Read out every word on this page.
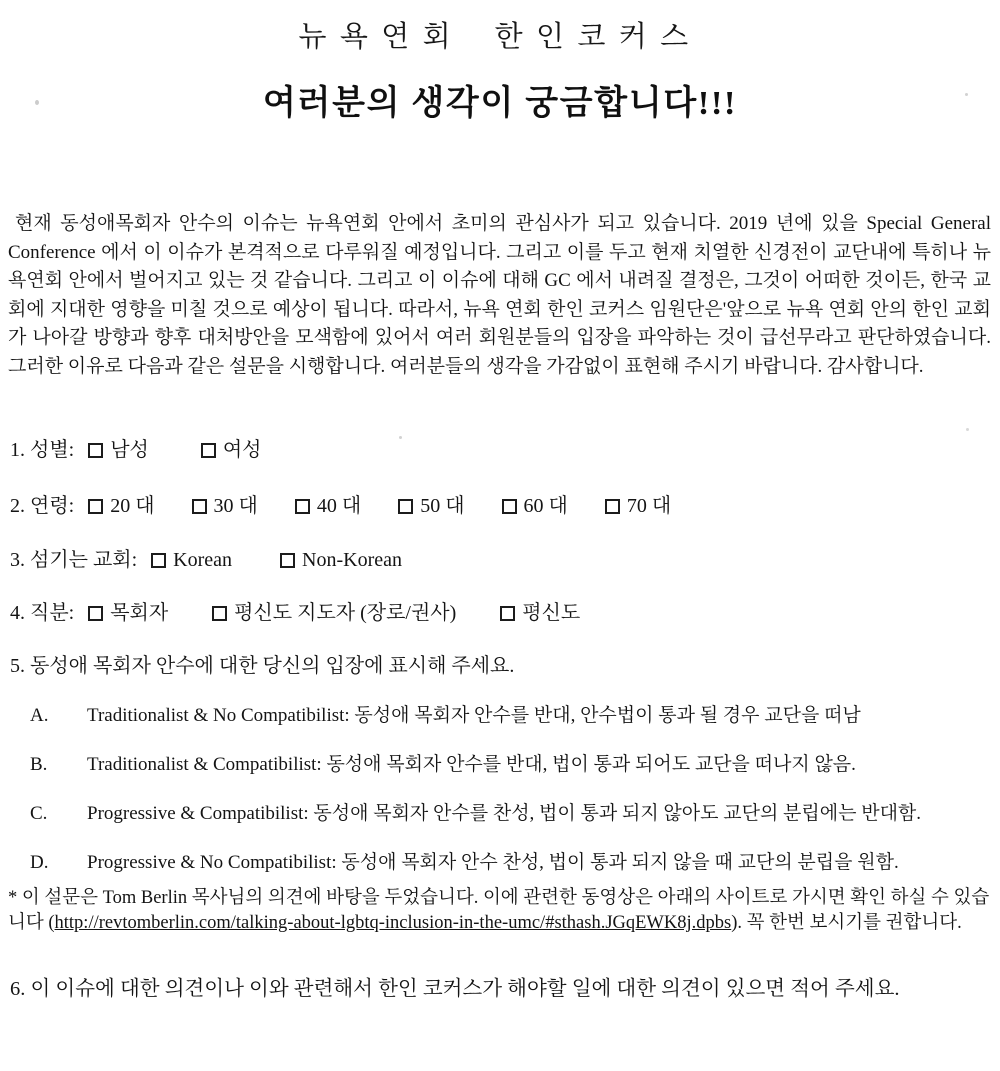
뉴욕연회 한인코커스
여러분의 생각이 궁금합니다!!!

현재 동성애목회자 안수의 이슈는 뉴욕연회 안에서 초미의 관심사가 되고 있습니다. 2019 년에 있을 Special General Conference 에서 이 이슈가 본격적으로 다루워질 예정입니다. 그리고 이를 두고 현재 치열한 신경전이 교단내에 특히나 뉴욕연회 안에서 벌어지고 있는 것 같습니다. 그리고 이 이슈에 대해 GC 에서 내려질 결정은, 그것이 어떠한 것이든, 한국 교회에 지대한 영향을 미칠 것으로 예상이 됩니다. 따라서, 뉴욕 연회 한인 코커스 임원단은'앞으로 뉴욕 연회 안의 한인 교회가 나아갈 방향과 향후 대처방안을 모색함에 있어서 여러 회원분들의 입장을 파악하는 것이 급선무라고 판단하였습니다. 그러한 이유로 다음과 같은 설문을 시행합니다. 여러분들의 생각을 가감없이 표현해 주시기 바랍니다. 감사합니다.

1. 성별: 남성	여성
2. 연령: 20 대	30 대	40 대	50 대	60 대	70 대
3. 섬기는 교회: Korean	Non-Korean
4. 직분: 목회자	평신도 지도자 (장로/권사)	평신도
5. 동성애 목회자 안수에 대한 당신의 입장에 표시해 주세요.
A.	Traditionalist & No Compatibilist: 동성애 목회자 안수를 반대, 안수법이 통과 될 경우 교단을 떠남
B.	Traditionalist & Compatibilist: 동성애 목회자 안수를 반대, 법이 통과 되어도 교단을 떠나지 않음.
C.	Progressive & Compatibilist: 동성애 목회자 안수를 찬성, 법이 통과 되지 않아도 교단의 분립에는 반대함.
D.	Progressive & No Compatibilist: 동성애 목회자 안수 찬성, 법이 통과 되지 않을 때 교단의 분립을 원함.

* 이 설문은 Tom Berlin 목사님의 의견에 바탕을 두었습니다. 이에 관련한 동영상은 아래의 사이트로 가시면 확인 하실 수 있습니다 (http://revtomberlin.com/talking-about-lgbtq-inclusion-in-the-umc/#sthash.JGqEWK8j.dpbs). 꼭 한번 보시기를 권합니다.

6. 이 이슈에 대한 의견이나 이와 관련해서 한인 코커스가 해야할 일에 대한 의견이 있으면 적어 주세요.
